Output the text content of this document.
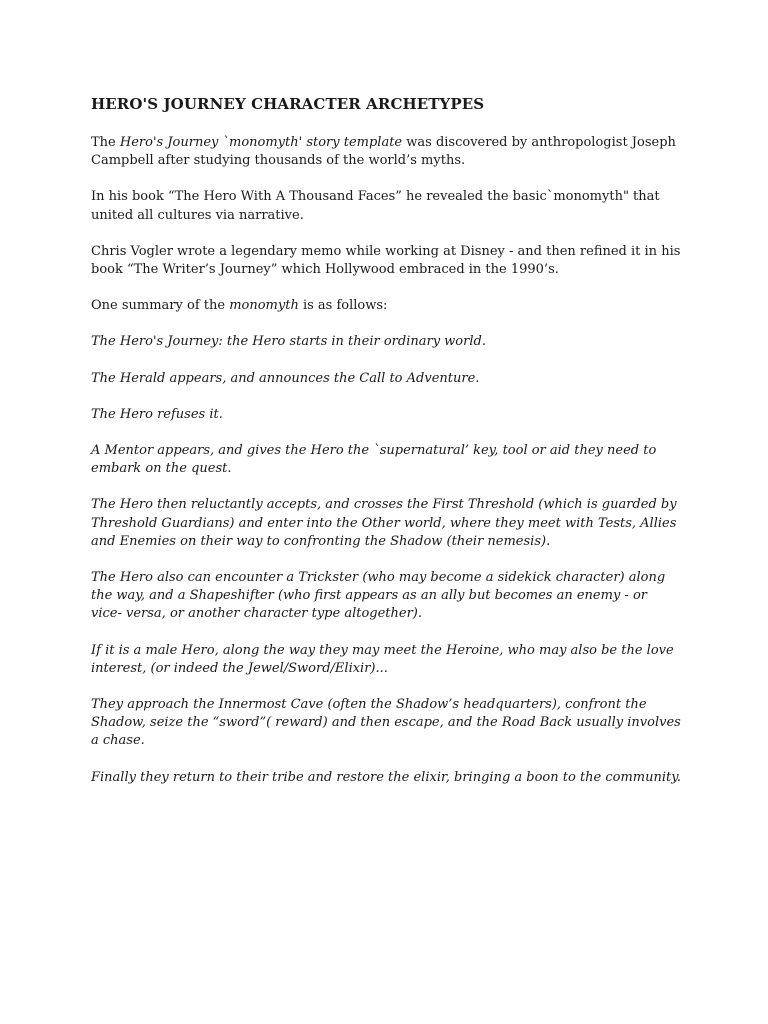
HERO'S JOURNEY CHARACTER ARCHETYPES

The Hero's Journey `monomyth' story template was discovered by anthropologist Joseph Campbell after studying thousands of the world’s myths.

In his book “The Hero With A Thousand Faces” he revealed the basic`monomyth" that united all cultures via narrative.

Chris Vogler wrote a legendary memo while working at Disney - and then refined it in his book “The Writer’s Journey” which Hollywood embraced in the 1990’s.

One summary of the monomyth is as follows:

The Hero's Journey: the Hero starts in their ordinary world.

The Herald appears, and announces the Call to Adventure.

The Hero refuses it.

A Mentor appears, and gives the Hero the `supernatural’ key, tool or aid they need to embark on the quest.

The Hero then reluctantly accepts, and crosses the First Threshold (which is guarded by Threshold Guardians) and enter into the Other world, where they meet with Tests, Allies and Enemies on their way to confronting the Shadow (their nemesis).

The Hero also can encounter a Trickster (who may become a sidekick character) along the way, and a Shapeshifter (who first appears as an ally but becomes an enemy - or vice- versa, or another character type altogether).

If it is a male Hero, along the way they may meet the Heroine, who may also be the love interest, (or indeed the Jewel/Sword/Elixir)...

They approach the Innermost Cave (often the Shadow’s headquarters), confront the Shadow, seize the “sword”( reward) and then escape, and the Road Back usually involves a chase.

Finally they return to their tribe and restore the elixir, bringing a boon to the community.
